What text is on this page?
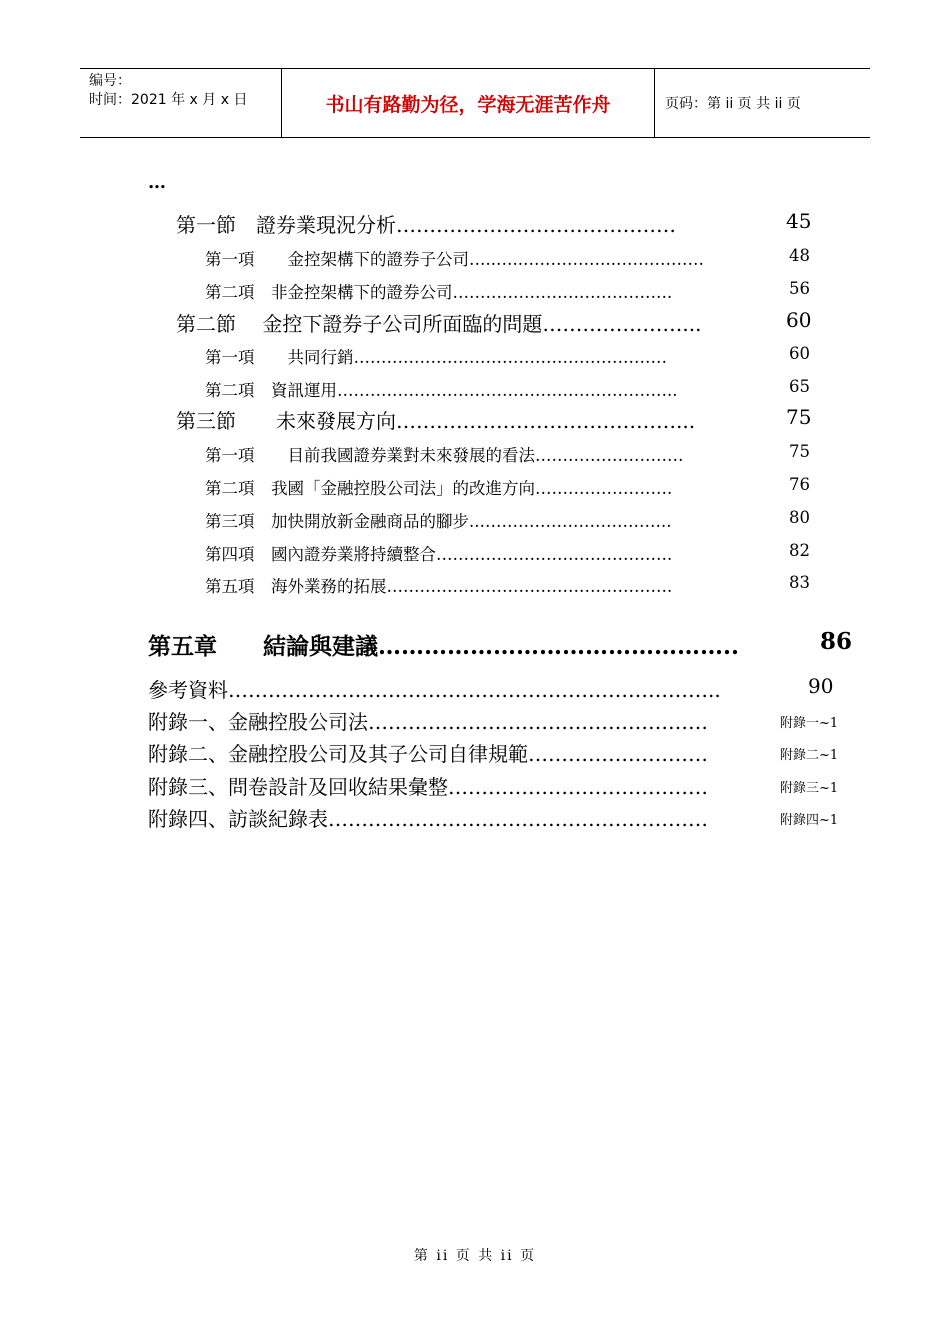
编号：
时间：2021 年 x 月 x 日	书山有路勤为径，学海无涯苦作舟	页码：第 ii 页 共 ii 页
…
第一節　證券業現況分析 ……………………………………	45
第一項　　金控架構下的證券子公司 …..…..……………..…………….	48
第二項　非金控架構下的證券公司 ………………………………….	56
第二節　 金控下證券子公司所面臨的問題 …………………...	60
第一項　　共同行銷 …………………………………………………	60
第二項　資訊運用 ……………………………………………………..	65
第三節　　未來發展方向 ……………………………………...	75
第一項　　目前我國證券業對未來發展的看法 ………………………	75
第二項　我國「金融控股公司法」的改進方向 …………………….	76
第三項　加快開放新金融商品的腳步 ..……………………………..	80
第四項　國內證券業將持續整合 …………………………………….	82
第五項　海外業務的拓展 …………………………………………….	83
第五章　　結論與建議 ………………………………………..	86
參考資料 ………………………………………………………………..	90
附錄一、金融控股公司法 ……………………………………………	附錄一~1
附錄二、金融控股公司及其子公司自律規範 ………………………	附錄二~1
附錄三、問卷設計及回收結果彙整 …………………………………	附錄三~1
附錄四、訪談紀錄表 …………………………………………………	附錄四~1
第 ii 页 共 ii 页
